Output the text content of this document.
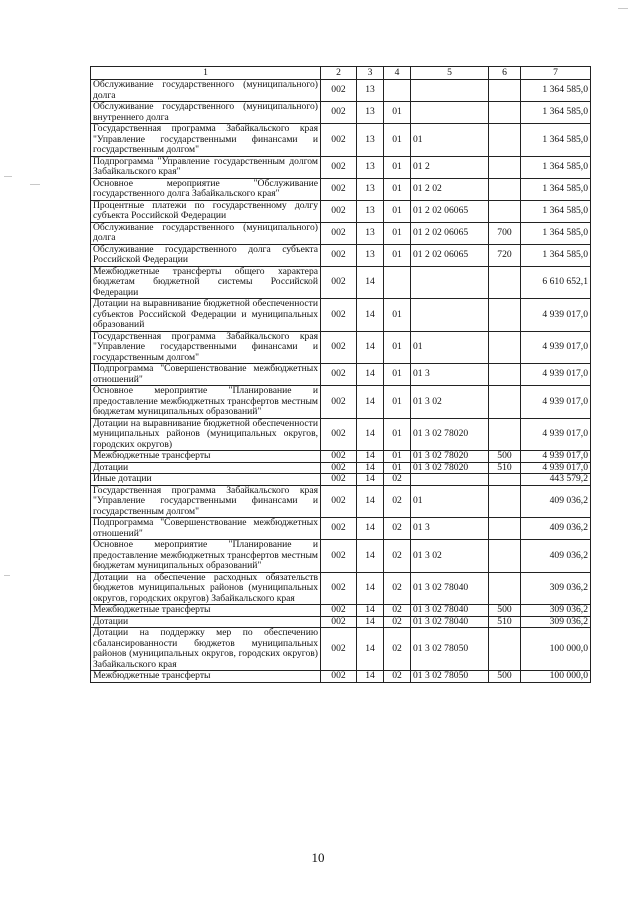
1	2	3	4	5	6	7
Обслуживание государственного (муниципального) долга	002	13				1 364 585,0
Обслуживание государственного (муниципального) внутреннего долга	002	13	01			1 364 585,0
Государственная программа Забайкальского края "Управление государственными финансами и государственным долгом"	002	13	01	01		1 364 585,0
Подпрограмма "Управление государственным долгом Забайкальского края"	002	13	01	01 2		1 364 585,0
Основное мероприятие "Обслуживание государственного долга Забайкальского края"	002	13	01	01 2 02		1 364 585,0
Процентные платежи по государственному долгу субъекта Российской Федерации	002	13	01	01 2 02 06065		1 364 585,0
Обслуживание государственного (муниципального) долга	002	13	01	01 2 02 06065	700	1 364 585,0
Обслуживание государственного долга субъекта Российской Федерации	002	13	01	01 2 02 06065	720	1 364 585,0
Межбюджетные трансферты общего характера бюджетам бюджетной системы Российской Федерации	002	14				6 610 652,1
Дотации на выравнивание бюджетной обеспеченности субъектов Российской Федерации и муниципальных образований	002	14	01			4 939 017,0
Государственная программа Забайкальского края "Управление государственными финансами и государственным долгом"	002	14	01	01		4 939 017,0
Подпрограмма "Совершенствование межбюджетных отношений"	002	14	01	01 3		4 939 017,0
Основное мероприятие "Планирование и предоставление межбюджетных трансфертов местным бюджетам муниципальных образований"	002	14	01	01 3 02		4 939 017,0
Дотации на выравнивание бюджетной обеспеченности муниципальных районов (муниципальных округов, городских округов)	002	14	01	01 3 02 78020		4 939 017,0
Межбюджетные трансферты	002	14	01	01 3 02 78020	500	4 939 017,0
Дотации	002	14	01	01 3 02 78020	510	4 939 017,0
Иные дотации	002	14	02			443 579,2
Государственная программа Забайкальского края "Управление государственными финансами и государственным долгом"	002	14	02	01		409 036,2
Подпрограмма "Совершенствование межбюджетных отношений"	002	14	02	01 3		409 036,2
Основное мероприятие "Планирование и предоставление межбюджетных трансфертов местным бюджетам муниципальных образований"	002	14	02	01 3 02		409 036,2
Дотации на обеспечение расходных обязательств бюджетов муниципальных районов (муниципальных округов, городских округов) Забайкальского края	002	14	02	01 3 02 78040		309 036,2
Межбюджетные трансферты	002	14	02	01 3 02 78040	500	309 036,2
Дотации	002	14	02	01 3 02 78040	510	309 036,2
Дотации на поддержку мер по обеспечению сбалансированности бюджетов муниципальных районов (муниципальных округов, городских округов) Забайкальского края	002	14	02	01 3 02 78050		100 000,0
Межбюджетные трансферты	002	14	02	01 3 02 78050	500	100 000,0
10
